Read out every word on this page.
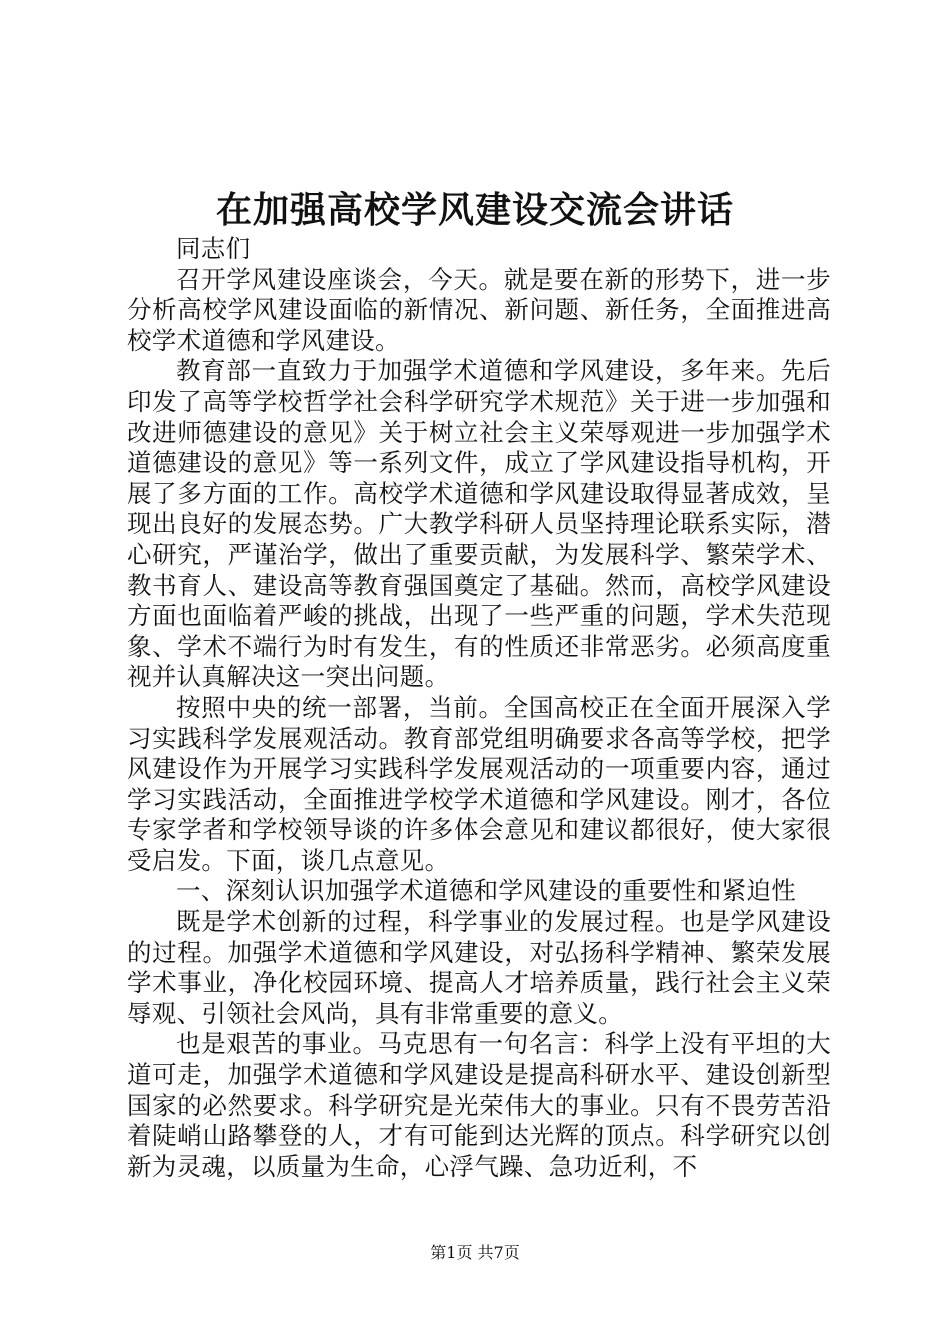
在加强高校学风建设交流会讲话

同志们

召开学风建设座谈会，今天。就是要在新的形势下，进一步分析高校学风建设面临的新情况、新问题、新任务，全面推进高校学术道德和学风建设。

教育部一直致力于加强学术道德和学风建设，多年来。先后印发了高等学校哲学社会科学研究学术规范》关于进一步加强和改进师德建设的意见》关于树立社会主义荣辱观进一步加强学术道德建设的意见》等一系列文件，成立了学风建设指导机构，开展了多方面的工作。高校学术道德和学风建设取得显著成效，呈现出良好的发展态势。广大教学科研人员坚持理论联系实际，潜心研究，严谨治学，做出了重要贡献，为发展科学、繁荣学术、教书育人、建设高等教育强国奠定了基础。然而，高校学风建设方面也面临着严峻的挑战，出现了一些严重的问题，学术失范现象、学术不端行为时有发生，有的性质还非常恶劣。必须高度重视并认真解决这一突出问题。

按照中央的统一部署，当前。全国高校正在全面开展深入学习实践科学发展观活动。教育部党组明确要求各高等学校，把学风建设作为开展学习实践科学发展观活动的一项重要内容，通过学习实践活动，全面推进学校学术道德和学风建设。刚才，各位专家学者和学校领导谈的许多体会意见和建议都很好，使大家很受启发。下面，谈几点意见。

一、深刻认识加强学术道德和学风建设的重要性和紧迫性

既是学术创新的过程，科学事业的发展过程。也是学风建设的过程。加强学术道德和学风建设，对弘扬科学精神、繁荣发展学术事业，净化校园环境、提高人才培养质量，践行社会主义荣辱观、引领社会风尚，具有非常重要的意义。

也是艰苦的事业。马克思有一句名言：科学上没有平坦的大道可走，加强学术道德和学风建设是提高科研水平、建设创新型国家的必然要求。科学研究是光荣伟大的事业。只有不畏劳苦沿着陡峭山路攀登的人，才有可能到达光辉的顶点。科学研究以创新为灵魂，以质量为生命，心浮气躁、急功近利，不

第1页 共7页
